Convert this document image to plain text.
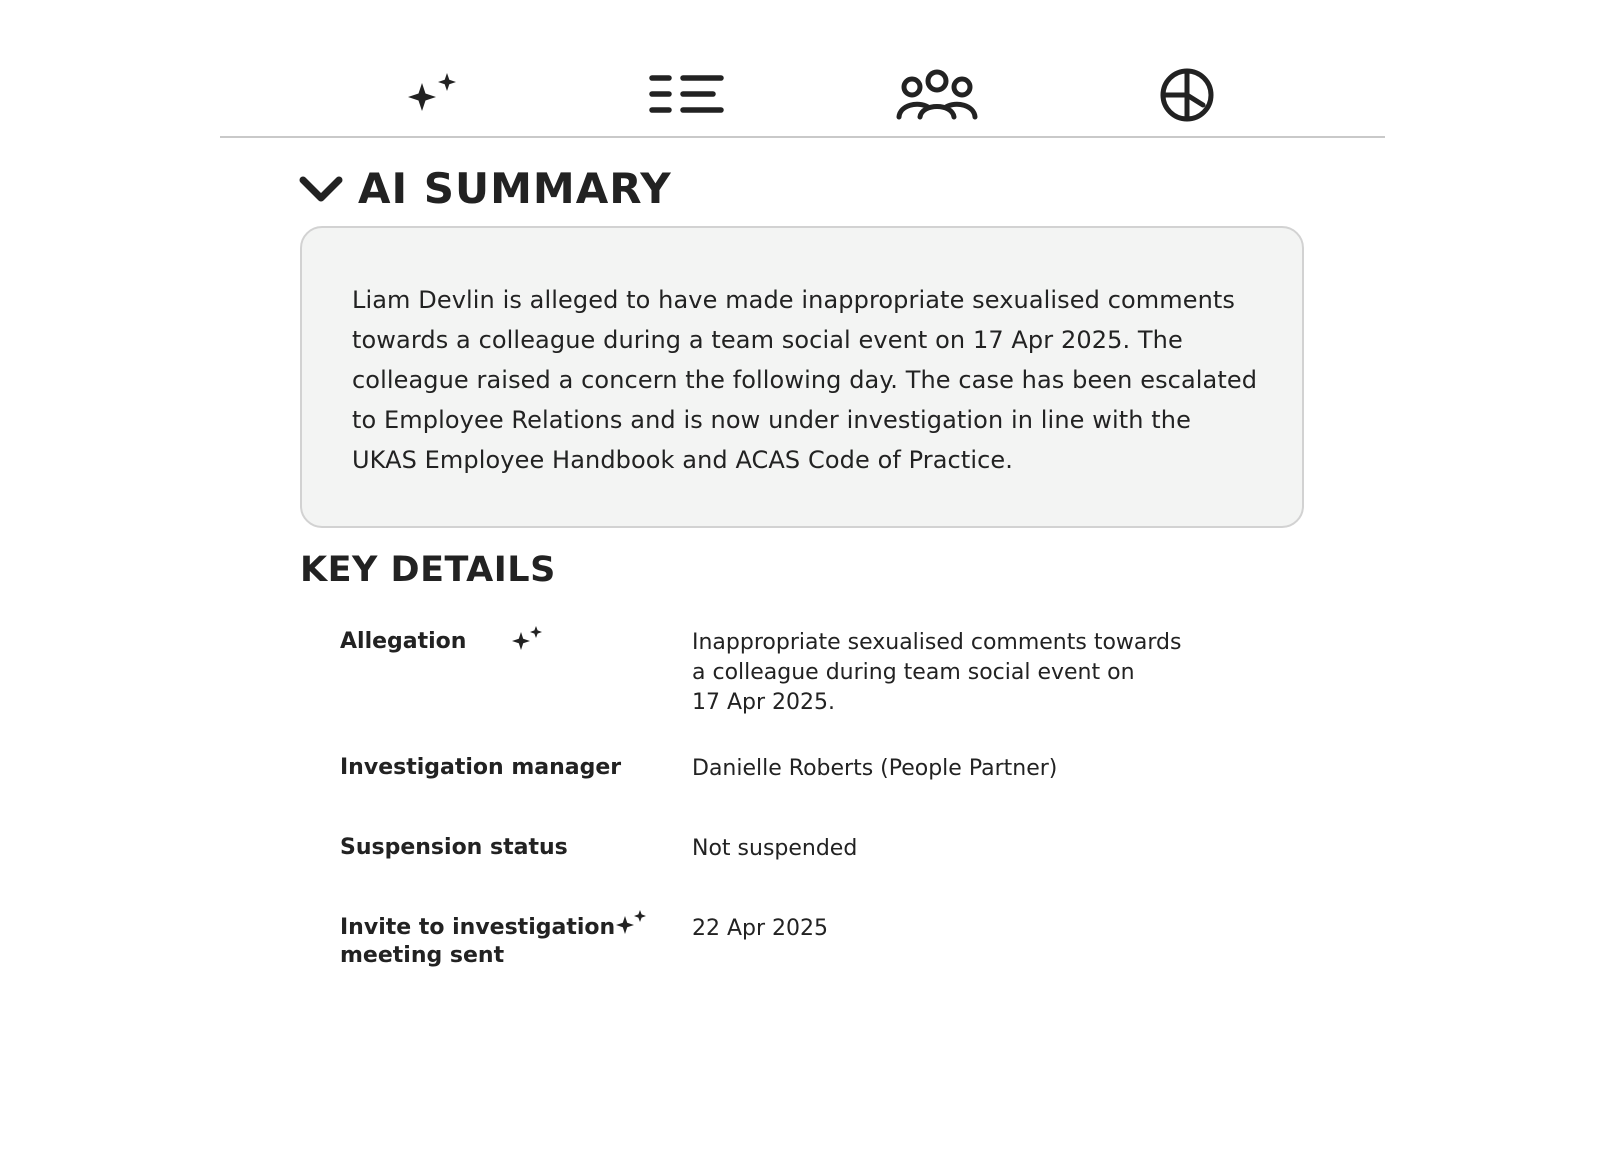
AI SUMMARY
Liam Devlin is alleged to have made inappropriate sexualised comments towards a colleague during a team social event on 17 Apr 2025. The colleague raised a concern the following day. The case has been escalated to Employee Relations and is now under investigation in line with the UKAS Employee Handbook and ACAS Code of Practice.
KEY DETAILS
Allegation	Inappropriate sexualised comments towards
a colleague during team social event on
17 Apr 2025.
Investigation manager	Danielle Roberts (People Partner)
Suspension status	Not suspended
Invite to investigation
meeting sent
22 Apr 2025
